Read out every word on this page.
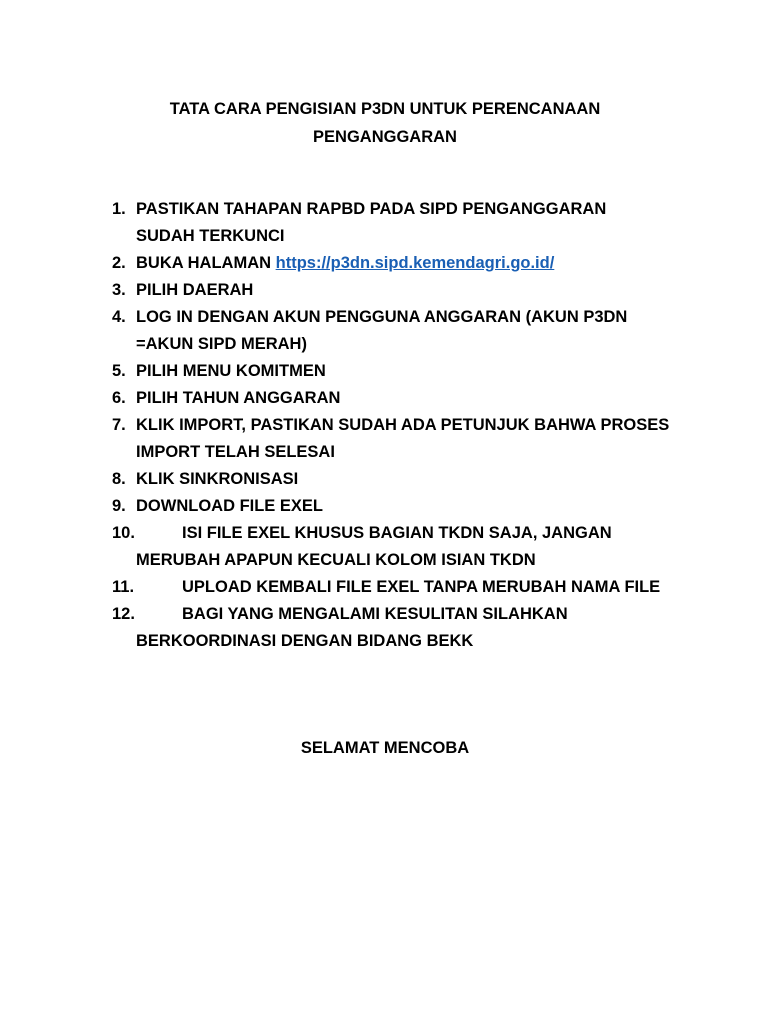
TATA CARA PENGISIAN P3DN UNTUK PERENCANAAN
PENGANGGARAN
1. PASTIKAN TAHAPAN RAPBD PADA SIPD PENGANGGARAN
SUDAH TERKUNCI
2. BUKA HALAMAN https://p3dn.sipd.kemendagri.go.id/
3. PILIH DAERAH
4. LOG IN DENGAN AKUN PENGGUNA ANGGARAN (AKUN P3DN
=AKUN SIPD MERAH)
5. PILIH MENU KOMITMEN
6. PILIH TAHUN ANGGARAN
7. KLIK IMPORT, PASTIKAN SUDAH ADA PETUNJUK BAHWA PROSES
IMPORT TELAH SELESAI
8. KLIK SINKRONISASI
9. DOWNLOAD FILE EXEL
10.	ISI FILE EXEL KHUSUS BAGIAN TKDN SAJA, JANGAN
MERUBAH APAPUN KECUALI KOLOM ISIAN TKDN
11.	UPLOAD KEMBALI FILE EXEL TANPA MERUBAH NAMA FILE
12.	BAGI YANG MENGALAMI KESULITAN SILAHKAN
BERKOORDINASI DENGAN BIDANG BEKK
SELAMAT MENCOBA
